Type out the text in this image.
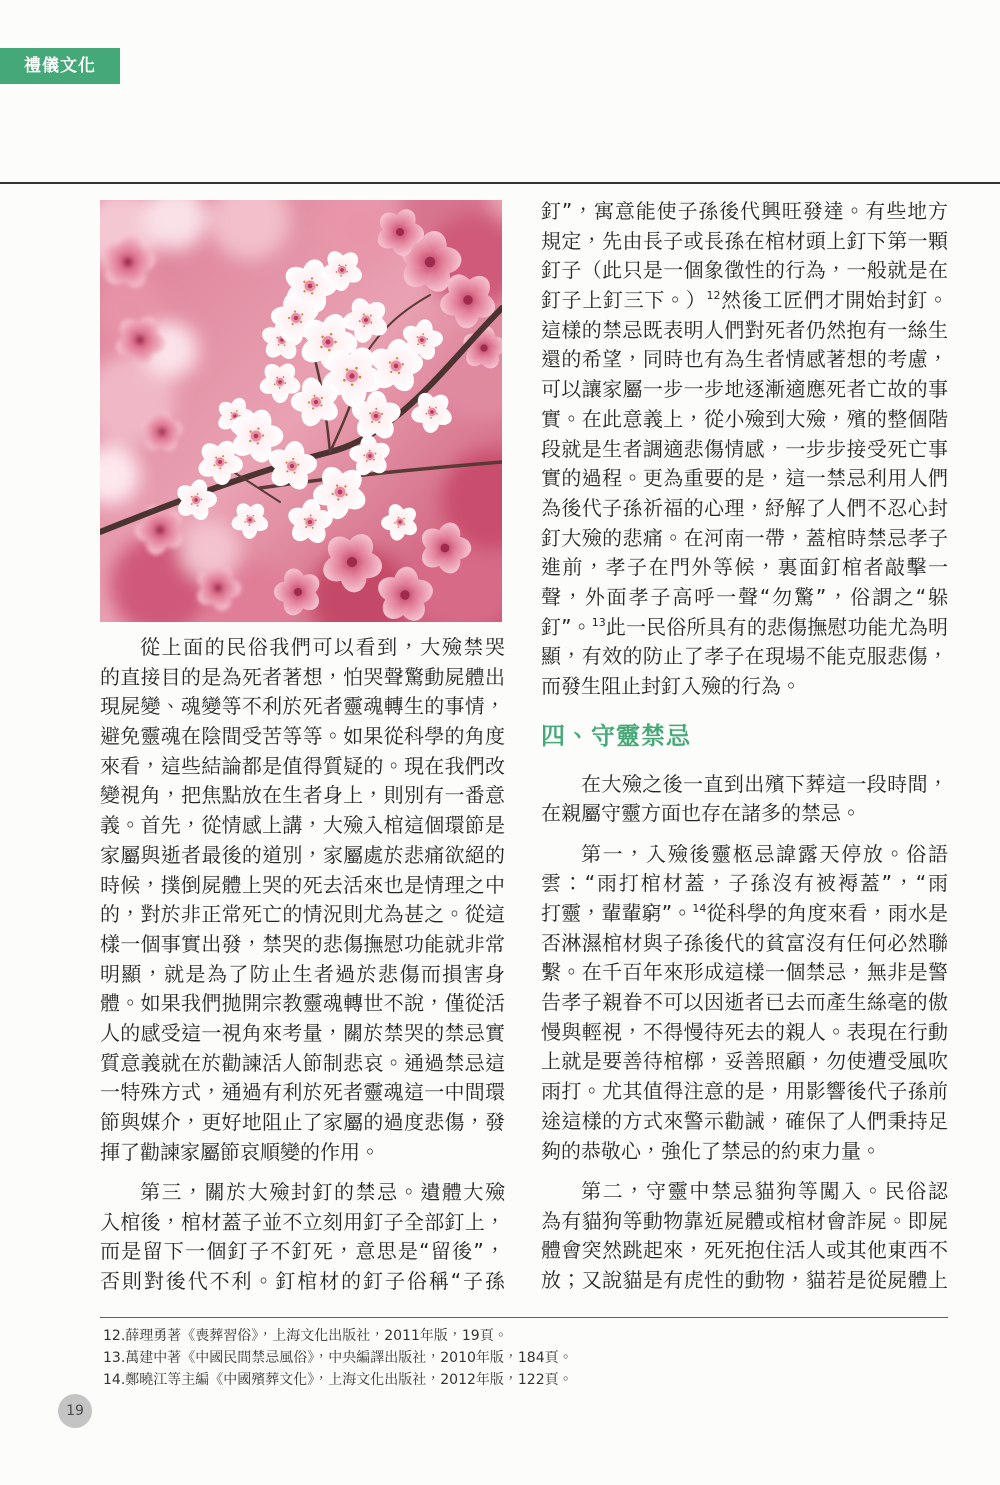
禮儀文化
從上面的民俗我們可以看到，大殮禁哭
的直接目的是為死者著想，怕哭聲驚動屍體出
現屍變、魂變等不利於死者靈魂轉生的事情，
避免靈魂在陰間受苦等等。如果從科學的角度
來看，這些結論都是值得質疑的。現在我們改
變視角，把焦點放在生者身上，則別有一番意
義。首先，從情感上講，大殮入棺這個環節是
家屬與逝者最後的道別，家屬處於悲痛欲絕的
時候，撲倒屍體上哭的死去活來也是情理之中
的，對於非正常死亡的情況則尤為甚之。從這
樣一個事實出發，禁哭的悲傷撫慰功能就非常
明顯，就是為了防止生者過於悲傷而損害身
體。如果我們拋開宗教靈魂轉世不說，僅從活
人的感受這一視角來考量，關於禁哭的禁忌實
質意義就在於勸諫活人節制悲哀。通過禁忌這
一特殊方式，通過有利於死者靈魂這一中間環
節與媒介，更好地阻止了家屬的過度悲傷，發
揮了勸諫家屬節哀順變的作用。
第三，關於大殮封釘的禁忌。遺體大殮
入棺後，棺材蓋子並不立刻用釘子全部釘上，
而是留下一個釘子不釘死，意思是“留後”，
否則對後代不利。釘棺材的釘子俗稱“子孫
釘”，寓意能使子孫後代興旺發達。有些地方
規定，先由長子或長孫在棺材頭上釘下第一顆
釘子（此只是一個象徵性的行為，一般就是在
釘子上釘三下。）$^{12}$然後工匠們才開始封釘。
這樣的禁忌既表明人們對死者仍然抱有一絲生
還的希望，同時也有為生者情感著想的考慮，
可以讓家屬一步一步地逐漸適應死者亡故的事
實。在此意義上，從小殮到大殮，殯的整個階
段就是生者調適悲傷情感，一步步接受死亡事
實的過程。更為重要的是，這一禁忌利用人們
為後代子孫祈福的心理，紓解了人們不忍心封
釘大殮的悲痛。在河南一帶，蓋棺時禁忌孝子
進前，孝子在門外等候，裏面釘棺者敲擊一
聲，外面孝子高呼一聲“勿驚”，俗謂之“躲
釘”。$^{13}$此一民俗所具有的悲傷撫慰功能尤為明
顯，有效的防止了孝子在現場不能克服悲傷，
而發生阻止封釘入殮的行為。
四、守靈禁忌
在大殮之後一直到出殯下葬這一段時間，
在親屬守靈方面也存在諸多的禁忌。
第一，入殮後靈柩忌諱露天停放。俗語
雲：“雨打棺材蓋，子孫沒有被褥蓋”，“雨
打靈，輩輩窮”。$^{14}$從科學的角度來看，雨水是
否淋濕棺材與子孫後代的貧富沒有任何必然聯
繫。在千百年來形成這樣一個禁忌，無非是警
告孝子親眷不可以因逝者已去而產生絲毫的傲
慢與輕視，不得慢待死去的親人。表現在行動
上就是要善待棺槨，妥善照顧，勿使遭受風吹
雨打。尤其值得注意的是，用影響後代子孫前
途這樣的方式來警示勸誡，確保了人們秉持足
夠的恭敬心，強化了禁忌的約束力量。
第二，守靈中禁忌貓狗等闖入。民俗認
為有貓狗等動物靠近屍體或棺材會詐屍。即屍
體會突然跳起來，死死抱住活人或其他東西不
放；又說貓是有虎性的動物，貓若是從屍體上
12.薛理勇著《喪葬習俗》，上海文化出版社，2011年版，19頁。
13.萬建中著《中國民間禁忌風俗》，中央編譯出版社，2010年版，184頁。
14.鄭曉江等主編《中國殯葬文化》，上海文化出版社，2012年版，122頁。
19
